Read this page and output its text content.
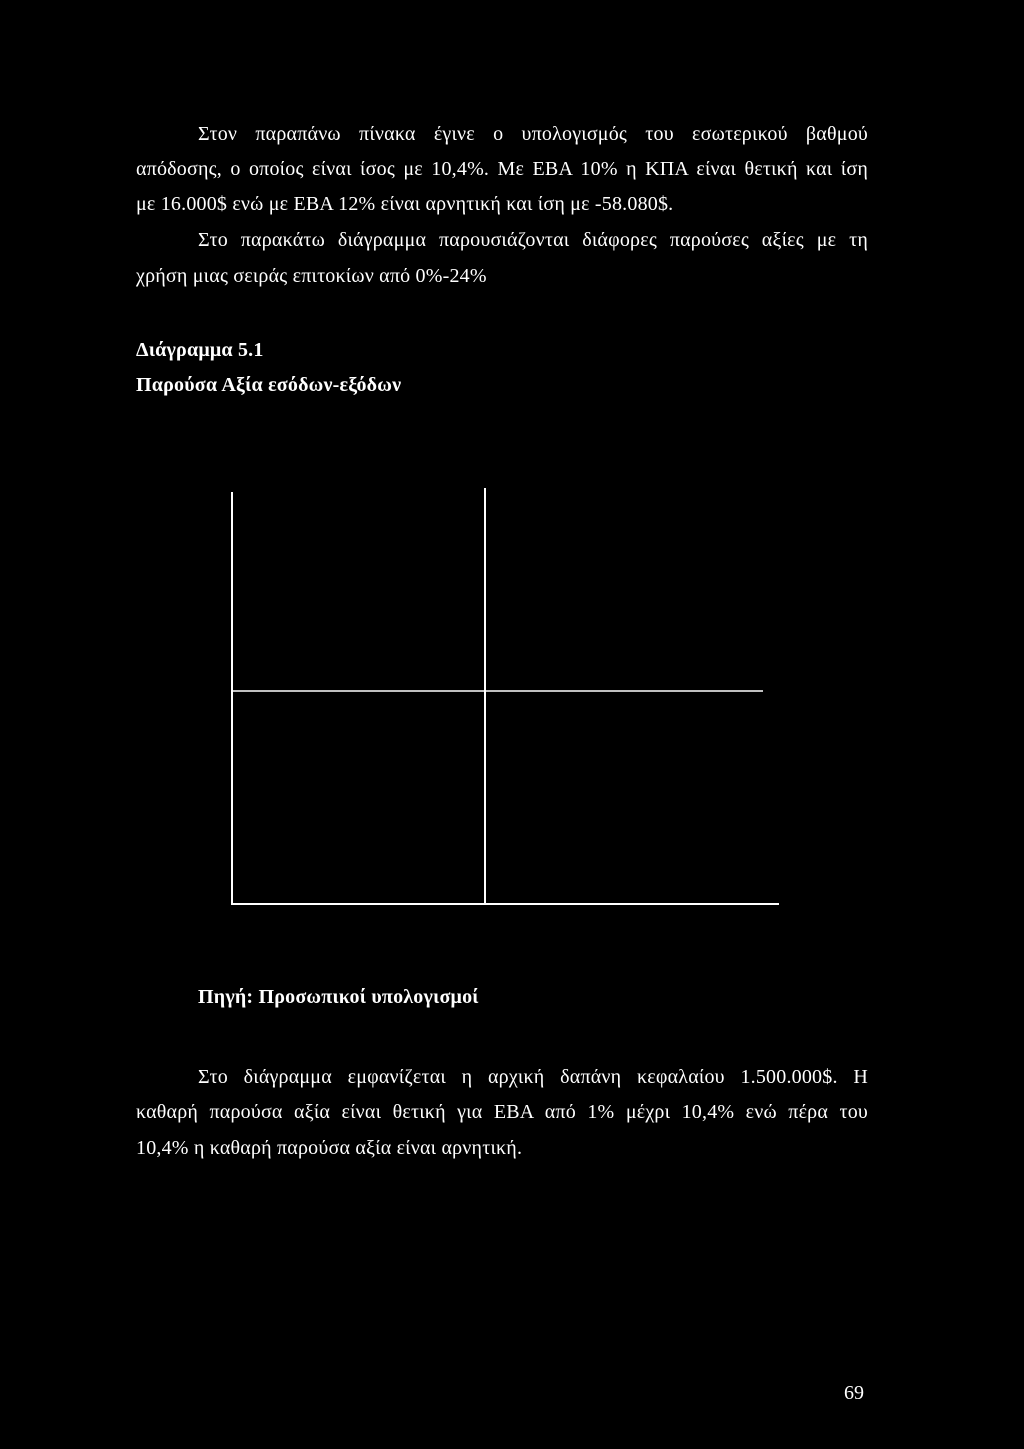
Στον παραπάνω πίνακα έγινε ο υπολογισμός του εσωτερικού βαθμού
απόδοσης, ο οποίος είναι ίσος με 10,4%. Με ΕΒΑ 10% η ΚΠΑ είναι θετική και ίση
με 16.000$ ενώ με ΕΒΑ 12% είναι αρνητική και ίση με -58.080$.
Στο παρακάτω διάγραμμα παρουσιάζονται διάφορες παρούσες αξίες με τη
χρήση μιας σειράς επιτοκίων από 0%-24%
Διάγραμμα 5.1
Παρούσα Αξία εσόδων-εξόδων
Πηγή: Προσωπικοί υπολογισμοί
Στο διάγραμμα εμφανίζεται η αρχική δαπάνη κεφαλαίου 1.500.000$. Η
καθαρή παρούσα αξία είναι θετική για ΕΒΑ από 1% μέχρι 10,4% ενώ πέρα του
10,4% η καθαρή παρούσα αξία είναι αρνητική.
69
